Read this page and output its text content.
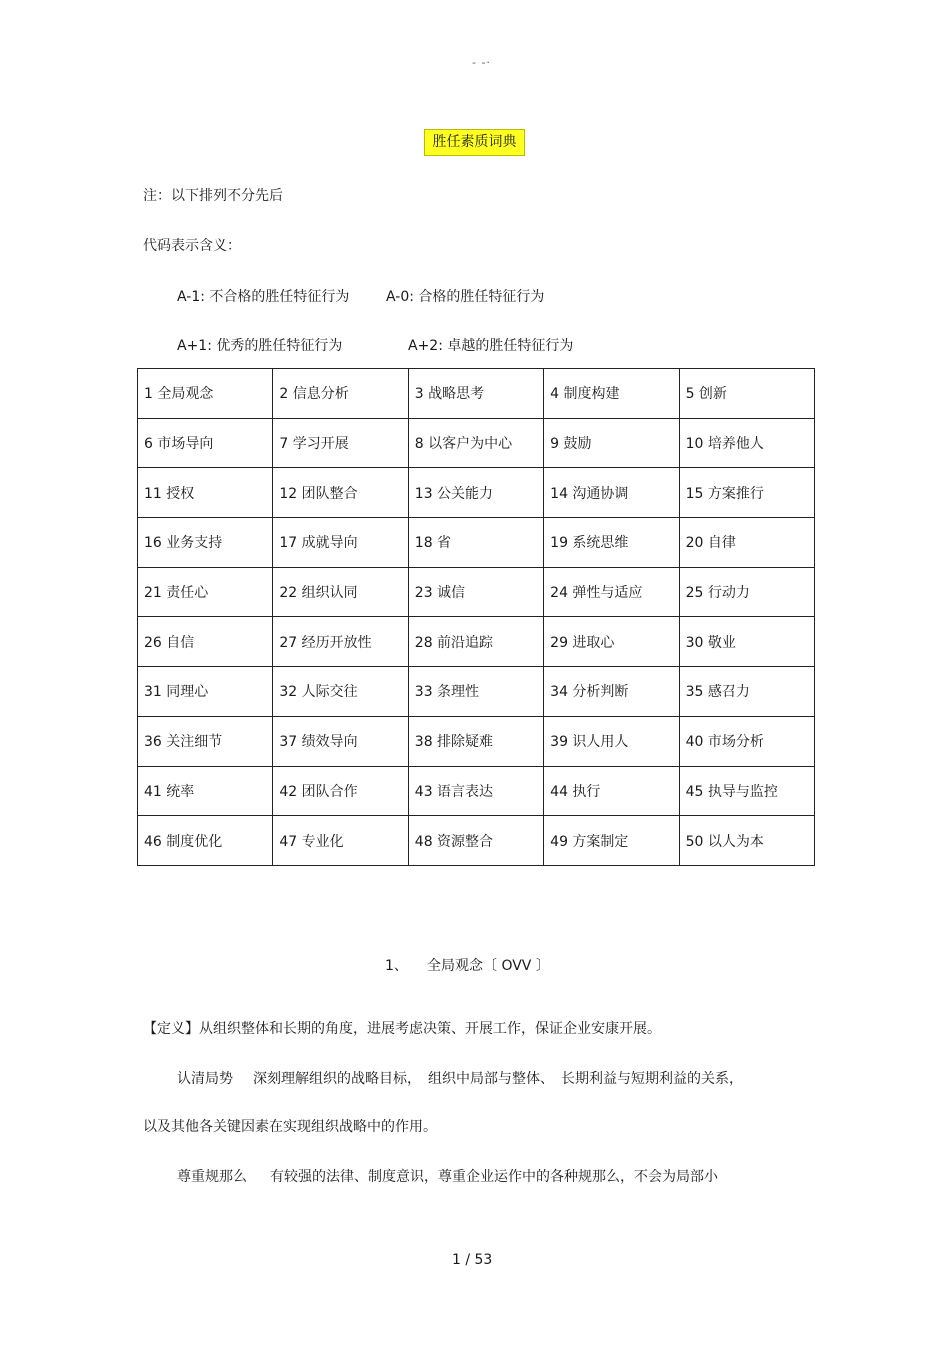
- -·
胜任素质词典
注：以下排列不分先后
代码表示含义：
A-1: 不合格的胜任特征行为	A-0: 合格的胜任特征行为
A+1: 优秀的胜任特征行为	A+2: 卓越的胜任特征行为
1 全局观念	2 信息分析	3 战略思考	4 制度构建	5 创新
6 市场导向	7 学习开展	8 以客户为中心	9 鼓励	10 培养他人
11 授权	12 团队整合	13 公关能力	14 沟通协调	15 方案推行
16 业务支持	17 成就导向	18 省	19 系统思维	20 自律
21 责任心	22 组织认同	23 诚信	24 弹性与适应	25 行动力
26 自信	27 经历开放性	28 前沿追踪	29 进取心	30 敬业
31 同理心	32 人际交往	33 条理性	34 分析判断	35 感召力
36 关注细节	37 绩效导向	38 排除疑难	39 识人用人	40 市场分析
41 统率	42 团队合作	43 语言表达	44 执行	45 执导与监控
46 制度优化	47 专业化	48 资源整合	49 方案制定	50 以人为本
1、 全局观念〔 OVV 〕
【定义】从组织整体和长期的角度，进展考虑决策、开展工作，保证企业安康开展。
认清局势 深刻理解组织的战略目标，　组织中局部与整体、　长期利益与短期利益的关系，
以及其他各关键因素在实现组织战略中的作用。
尊重规那么 有较强的法律、制度意识，尊重企业运作中的各种规那么，不会为局部小
1 / 53
